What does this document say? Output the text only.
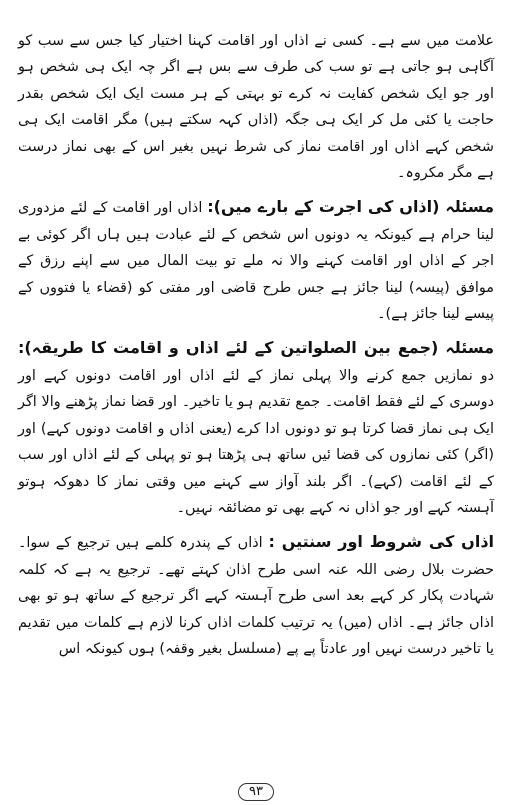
علامت میں سے ہے۔ کسی نے اذاں اور اقامت کہنا اختیار کیا جس سے سب کو آگاہی ہو جاتی ہے تو سب کی طرف سے بس ہے اگر چہ ایک ہی شخص ہو اور جو ایک شخص کفایت نہ کرے تو بہتی کے ہر مست ایک ایک شخص بقدر حاجت یا کئی مل کر ایک ہی جگہ (اذاں کہہ سکتے ہیں) مگر اقامت ایک ہی شخص کہے اذاں اور اقامت نماز کی شرط نہیں بغیر اس کے بھی نماز درست ہے مگر مکروہ۔

مسئلہ (اذاں کی اجرت کے بارے میں): اذاں اور اقامت کے لئے مزدوری لینا حرام ہے کیونکہ یہ دونوں اس شخص کے لئے عبادت ہیں ہاں اگر کوئی بے اجر کے اذاں اور اقامت کہنے والا نہ ملے تو بیت المال میں سے اپنے رزق کے موافق (پیسہ) لینا جائز ہے جس طرح قاضی اور مفتی کو (قضاء یا فتووں کے پیسے لینا جائز ہے)۔

مسئلہ (جمع بین الصلواتین کے لئے اذاں و اقامت کا طریقہ): دو نمازیں جمع کرنے والا پہلی نماز کے لئے اذاں اور اقامت دونوں کہے اور دوسری کے لئے فقط اقامت۔ جمع تقدیم ہو یا تاخیر۔ اور قضا نماز پڑھنے والا اگر ایک ہی نماز قضا کرتا ہو تو دونوں ادا کرے (یعنی اذاں و اقامت دونوں کہے) اور (اگر) کئی نمازوں کی قضا ئیں ساتھ ہی پڑھتا ہو تو پہلی کے لئے اذاں اور سب کے لئے اقامت (کہے)۔ اگر بلند آواز سے کہنے میں وقتی نماز کا دھوکہ ہوتو آہستہ کہے اور جو اذاں نہ کہے بھی تو مضائقہ نہیں۔

اذاں کی شروط اور سنتیں : اذاں کے پندرہ کلمے ہیں ترجیع کے سوا۔ حضرت بلال رضی اللہ عنہ اسی طرح اذان کہتے تھے۔ ترجیع یہ ہے کہ کلمہ شہادت پکار کر کہے بعد اسی طرح آہستہ کہے اگر ترجیع کے ساتھ ہو تو بھی اذاں جائز ہے۔ اذاں (میں) یہ ترتیب کلمات اذاں کرنا لازم ہے کلمات میں تقدیم یا تاخیر درست نہیں اور عادتاً پے پے (مسلسل بغیر وقفہ) ہوں کیونکہ اس

۹۳
